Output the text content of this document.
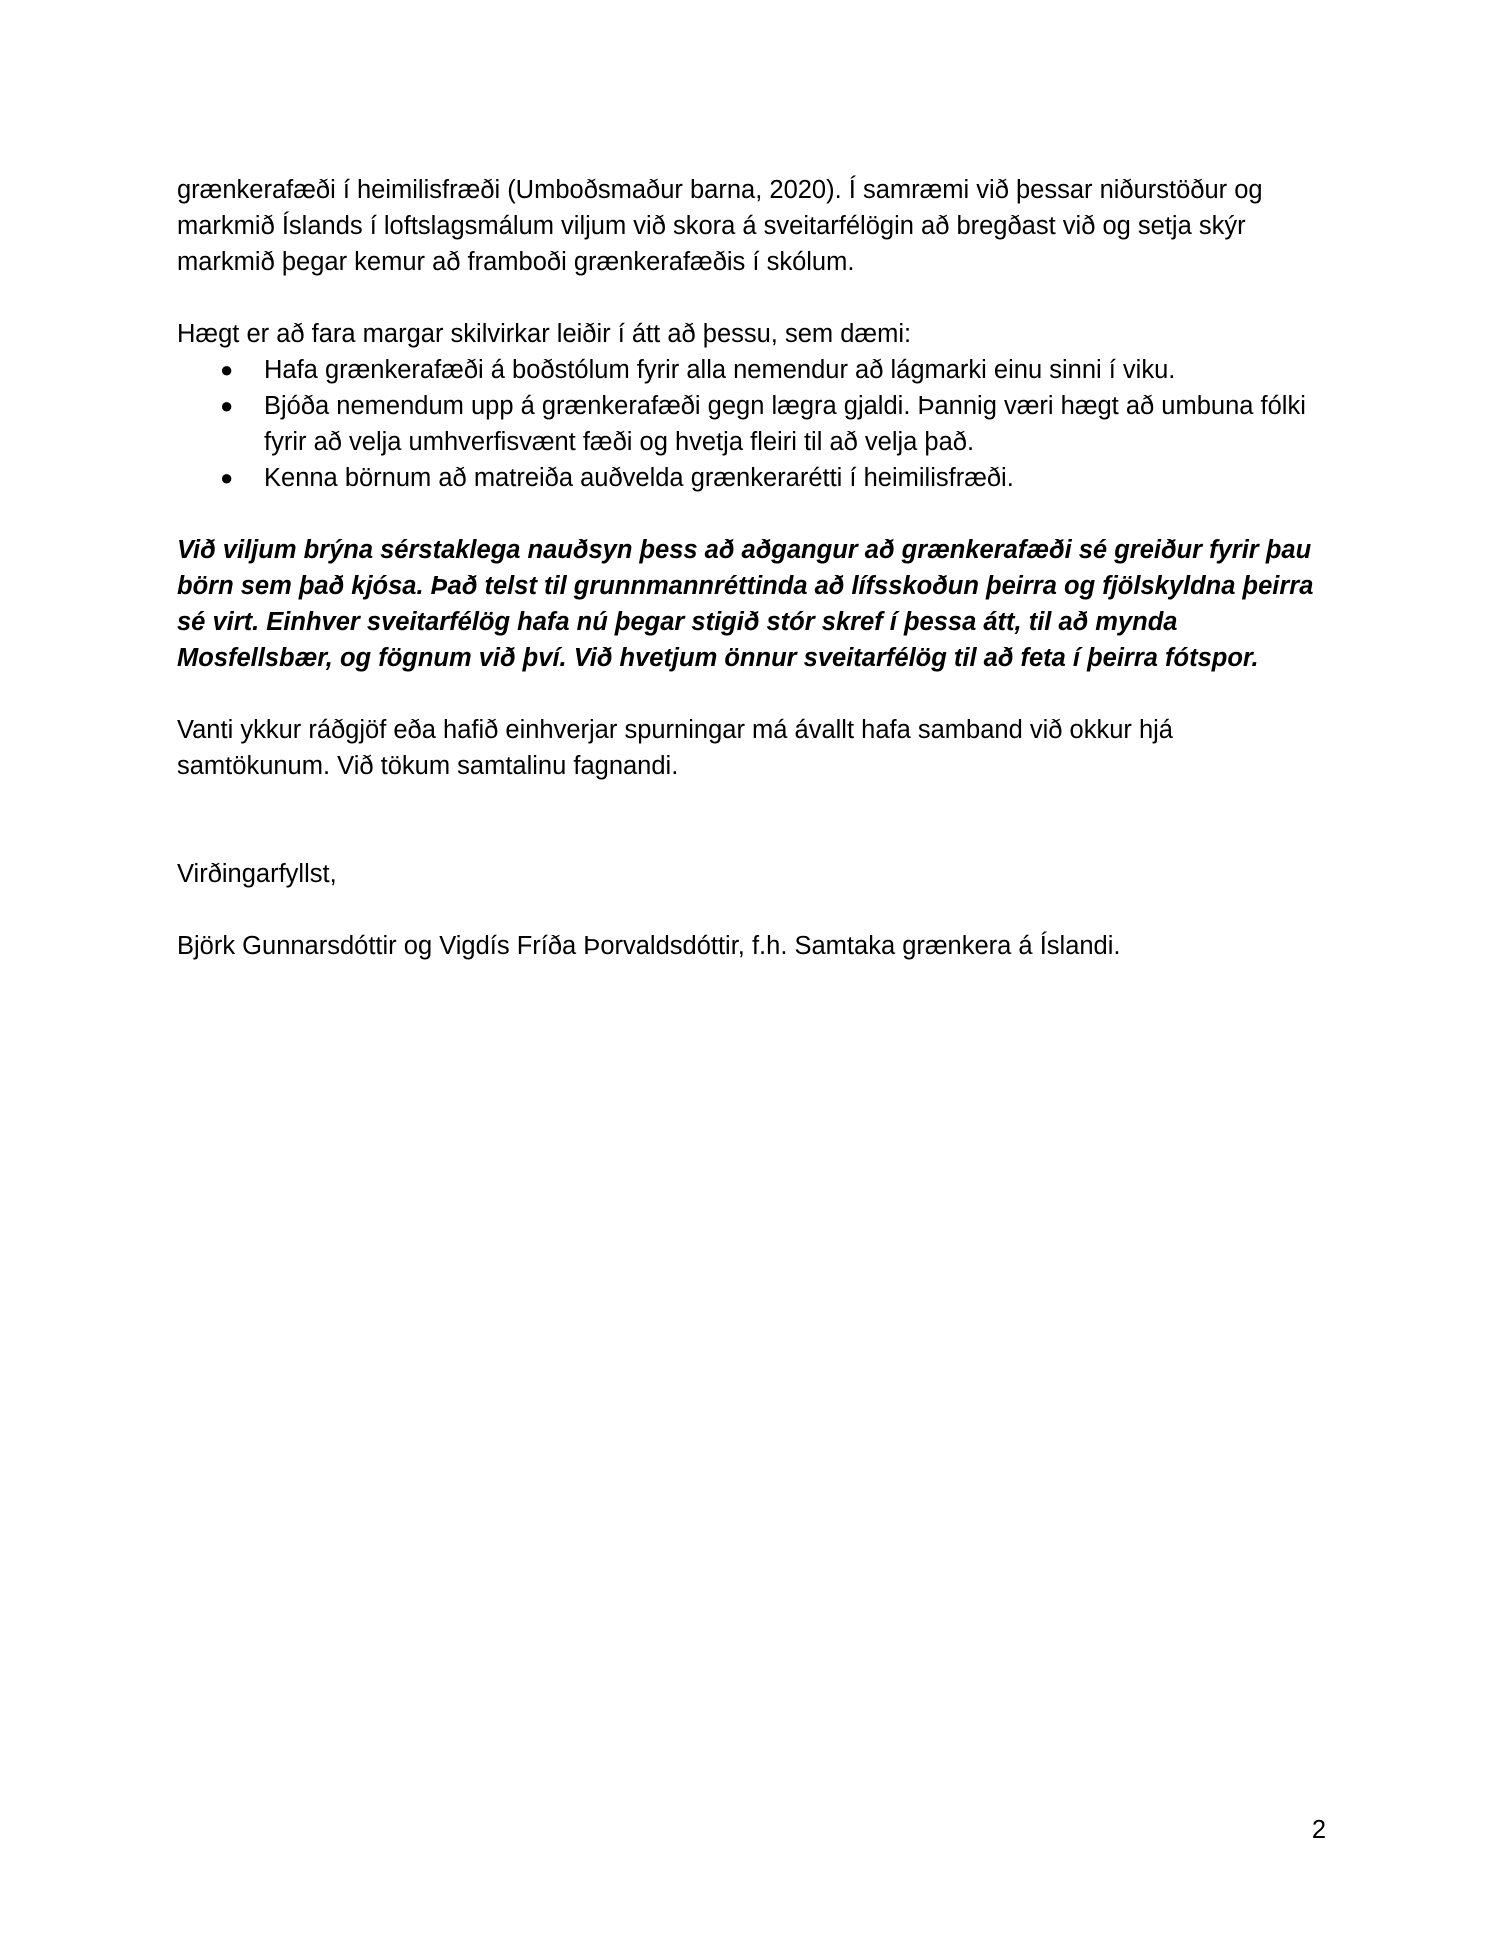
grænkerafæði í heimilisfræði (Umboðsmaður barna, 2020). Í samræmi við þessar niðurstöður og markmið Íslands í loftslagsmálum viljum við skora á sveitarfélögin að bregðast við og setja skýr markmið þegar kemur að framboði grænkerafæðis í skólum.

Hægt er að fara margar skilvirkar leiðir í átt að þessu, sem dæmi:

●	Hafa grænkerafæði á boðstólum fyrir alla nemendur að lágmarki einu sinni í viku.
●	Bjóða nemendum upp á grænkerafæði gegn lægra gjaldi. Þannig væri hægt að umbuna fólki fyrir að velja umhverfisvænt fæði og hvetja fleiri til að velja það.
●	Kenna börnum að matreiða auðvelda grænkerarétti í heimilisfræði.

Við viljum brýna sérstaklega nauðsyn þess að aðgangur að grænkerafæði sé greiður fyrir þau börn sem það kjósa. Það telst til grunnmannréttinda að lífsskoðun þeirra og fjölskyldna þeirra sé virt. Einhver sveitarfélög hafa nú þegar stigið stór skref í þessa átt, til að mynda Mosfellsbær, og fögnum við því. Við hvetjum önnur sveitarfélög til að feta í þeirra fótspor.

Vanti ykkur ráðgjöf eða hafið einhverjar spurningar má ávallt hafa samband við okkur hjá samtökunum. Við tökum samtalinu fagnandi.

Virðingarfyllst,

Björk Gunnarsdóttir og Vigdís Fríða Þorvaldsdóttir, f.h. Samtaka grænkera á Íslandi.

2
